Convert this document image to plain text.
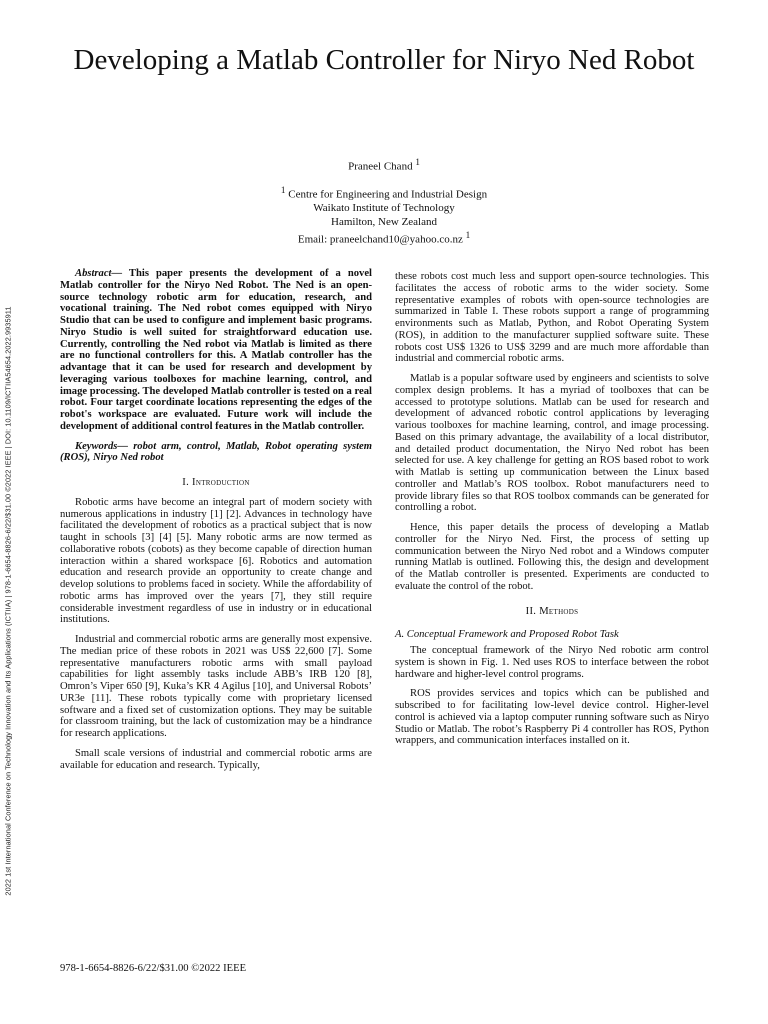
2022 1st International Conference on Technology Innovation and Its Applications (ICTIIA) | 978-1-6654-8826-6/22/$31.00 ©2022 IEEE | DOI: 10.1109/ICTIIA54654.2022.9935911
Developing a Matlab Controller for Niryo Ned Robot
Praneel Chand $^1$
$^1$ Centre for Engineering and Industrial Design
Waikato Institute of Technology
Hamilton, New Zealand
Email: praneelchand10@yahoo.co.nz $^1$

Abstract— This paper presents the development of a novel Matlab controller for the Niryo Ned Robot. The Ned is an open-source technology robotic arm for education, research, and vocational training. The Ned robot comes equipped with Niryo Studio that can be used to configure and implement basic programs. Niryo Studio is well suited for straightforward education use. Currently, controlling the Ned robot via Matlab is limited as there are no functional controllers for this. A Matlab controller has the advantage that it can be used for research and development by leveraging various toolboxes for machine learning, control, and image processing. The developed Matlab controller is tested on a real robot. Four target coordinate locations representing the edges of the robot's workspace are evaluated. Future work will include the development of additional control features in the Matlab controller.

Keywords— robot arm, control, Matlab, Robot operating system (ROS), Niryo Ned robot

I. Introduction

Robotic arms have become an integral part of modern society with numerous applications in industry [1] [2]. Advances in technology have facilitated the development of robotics as a practical subject that is now taught in schools [3] [4] [5]. Many robotic arms are now termed as collaborative robots (cobots) as they become capable of direction human interaction within a shared workspace [6]. Robotics and automation education and research provide an opportunity to create change and develop solutions to problems faced in society. While the affordability of robotic arms has improved over the years [7], they still require considerable investment regardless of use in industry or in educational institutions.

Industrial and commercial robotic arms are generally most expensive. The median price of these robots in 2021 was US$ 22,600 [7]. Some representative manufacturers robotic arms with small payload capabilities for light assembly tasks include ABB’s IRB 120 [8], Omron’s Viper 650 [9], Kuka’s KR 4 Agilus [10], and Universal Robots’ UR3e [11]. These robots typically come with proprietary licensed software and a fixed set of customization options. They may be suitable for classroom training, but the lack of customization may be a hindrance for research applications.

Small scale versions of industrial and commercial robotic arms are available for education and research. Typically,

these robots cost much less and support open-source technologies. This facilitates the access of robotic arms to the wider society. Some representative examples of robots with open-source technologies are summarized in Table I. These robots support a range of programming environments such as Matlab, Python, and Robot Operating System (ROS), in addition to the manufacturer supplied software suite. These robots cost US$ 1326 to US$ 3299 and are much more affordable than industrial and commercial robotic arms.

Matlab is a popular software used by engineers and scientists to solve complex design problems. It has a myriad of toolboxes that can be accessed to prototype solutions. Matlab can be used for research and development of advanced robotic control applications by leveraging various toolboxes for machine learning, control, and image processing. Based on this primary advantage, the availability of a local distributor, and detailed product documentation, the Niryo Ned robot has been selected for use. A key challenge for getting an ROS based robot to work with Matlab is setting up communication between the Linux based controller and Matlab’s ROS toolbox. Robot manufacturers need to provide library files so that ROS toolbox commands can be generated for controlling a robot.

Hence, this paper details the process of developing a Matlab controller for the Niryo Ned. First, the process of setting up communication between the Niryo Ned robot and a Windows computer running Matlab is outlined. Following this, the design and development of the Matlab controller is presented. Experiments are conducted to evaluate the control of the robot.

II. Methods
A. Conceptual Framework and Proposed Robot Task

The conceptual framework of the Niryo Ned robotic arm control system is shown in Fig. 1. Ned uses ROS to interface between the robot hardware and higher-level control programs.

ROS provides services and topics which can be published and subscribed to for facilitating low-level device control. Higher-level control is achieved via a laptop computer running software such as Niryo Studio or Matlab. The robot’s Raspberry Pi 4 controller has ROS, Python wrappers, and communication interfaces installed on it.

978-1-6654-8826-6/22/$31.00 ©2022 IEEE
